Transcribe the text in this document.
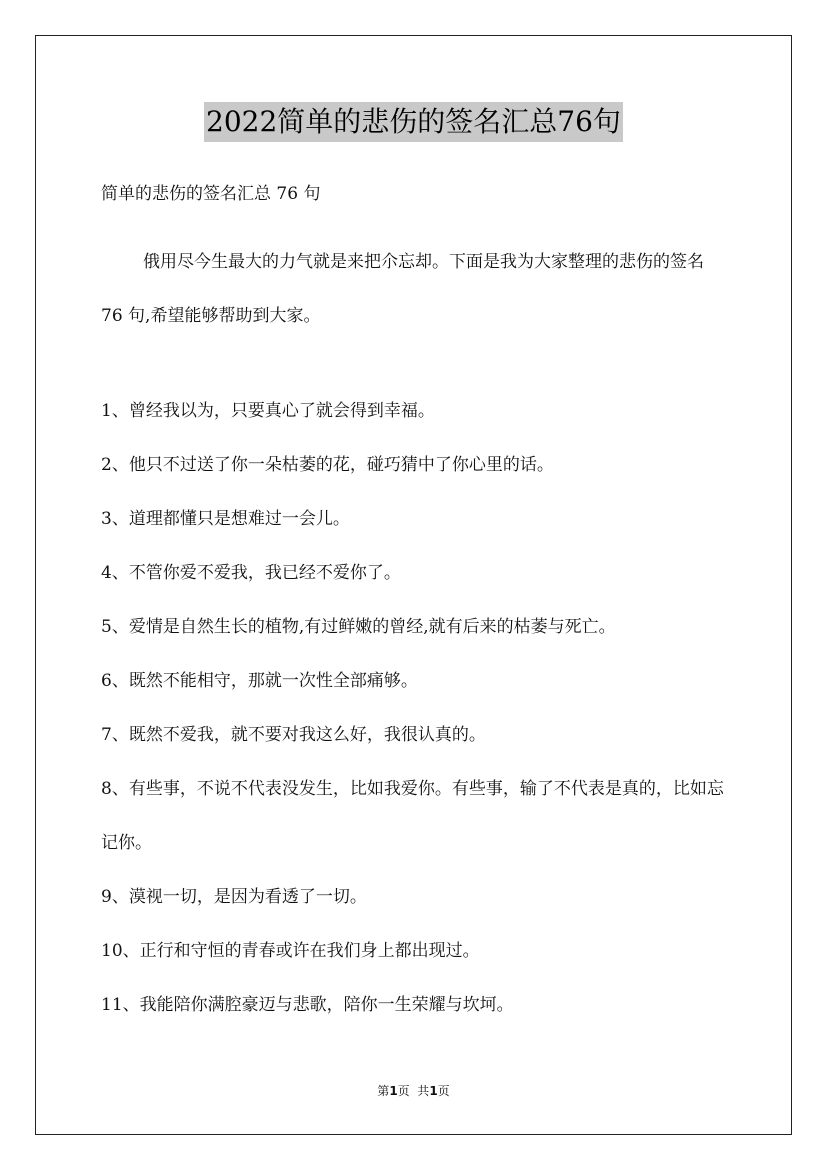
2022简单的悲伤的签名汇总76句
简单的悲伤的签名汇总 76 句

俄用尽今生最大的力气就是来把尒忘却。下面是我为大家整理的悲伤的签名 76 句,希望能够帮助到大家。

1、曾经我以为，只要真心了就会得到幸福。
2、他只不过送了你一朵枯萎的花，碰巧猜中了你心里的话。
3、道理都懂只是想难过一会儿。
4、不管你爱不爱我，我已经不爱你了。
5、爱情是自然生长的植物,有过鲜嫩的曾经,就有后来的枯萎与死亡。
6、既然不能相守，那就一次性全部痛够。
7、既然不爱我，就不要对我这么好，我很认真的。
8、有些事，不说不代表没发生，比如我爱你。有些事，输了不代表是真的，比如忘记你。
9、漠视一切，是因为看透了一切。
10、正行和守恒的青春或许在我们身上都出现过。
11、我能陪你满腔豪迈与悲歌，陪你一生荣耀与坎坷。
第1页  共1页
